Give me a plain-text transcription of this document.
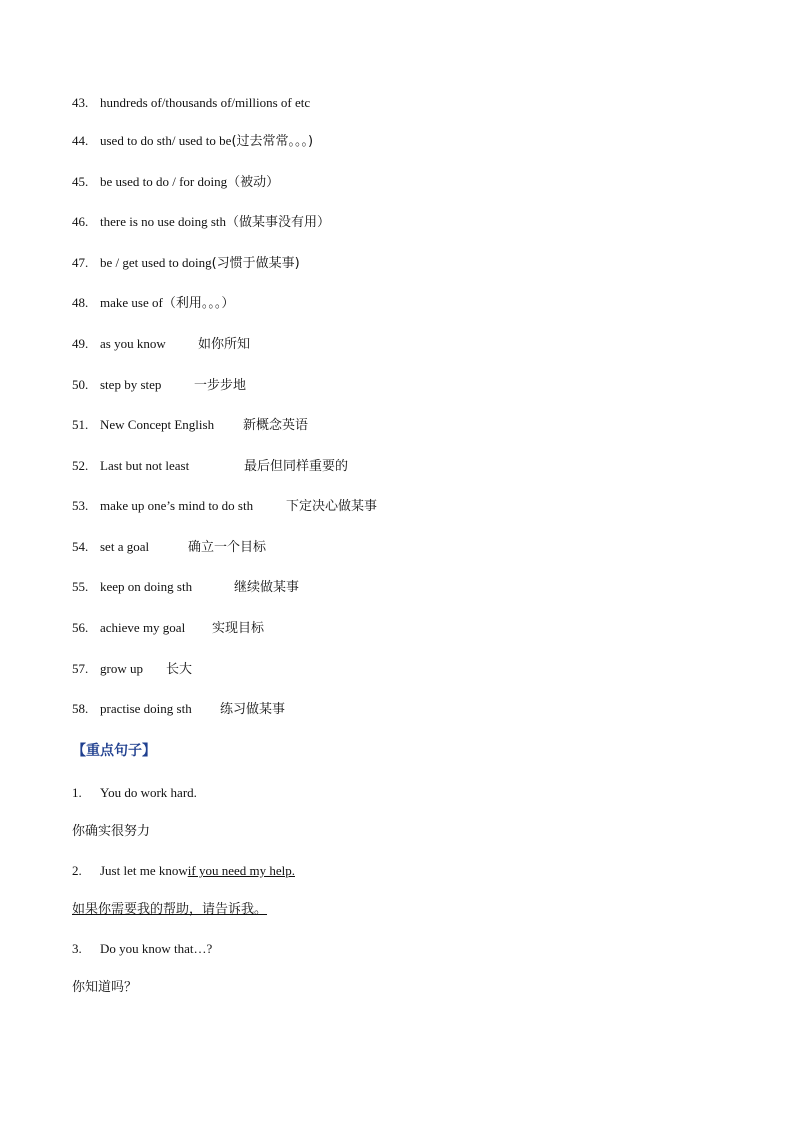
43. hundreds of/thousands of/millions of etc
44. used to do sth/ used to be(过去常常。。。)
45. be used to do / for doing（被动）
46. there is no use doing sth（做某事没有用）
47. be / get used to doing(习惯于做某事)
48. make use of（利用。。。）
49. as you know 如你所知
50. step by step	一步步地
51. New Concept English 新概念英语
52. Last but not least	最后但同样重要的
53. make up one’s mind to do sth	下定决心做某事
54. set a goal	确立一个目标
55. keep on doing sth	继续做某事
56. achieve my goal 实现目标
57. grow up 长大
58. practise doing sth 练习做某事
【重点句子】
1. You do work hard.
你确实很努力
2. Just let me knowif you need my help.
如果你需要我的帮助，请告诉我。
3. Do you know that…?
你知道吗？
